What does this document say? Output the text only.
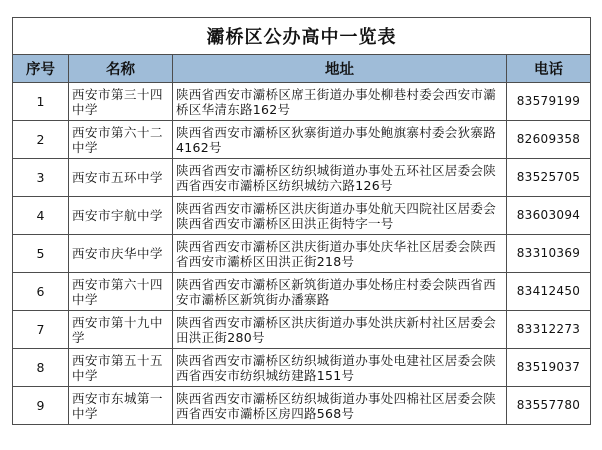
灞桥区公办高中一览表			
序号	名称	地址	电话
1	西安市第三十四中学	陕西省西安市灞桥区席王街道办事处柳巷村委会西安市灞桥区华清东路162号	83579199
2	西安市第六十二中学	陕西省西安市灞桥区狄寨街道办事处鲍旗寨村委会狄寨路4162号	82609358
3	西安市五环中学	陕西省西安市灞桥区纺织城街道办事处五环社区居委会陕西省西安市灞桥区纺织城纺六路126号	83525705
4	西安市宇航中学	陕西省西安市灞桥区洪庆街道办事处航天四院社区居委会陕西省西安市灞桥区田洪正街特字一号	83603094
5	西安市庆华中学	陕西省西安市灞桥区洪庆街道办事处庆华社区居委会陕西省西安市灞桥区田洪正街218号	83310369
6	西安市第六十四中学	陕西省西安市灞桥区新筑街道办事处杨庄村委会陕西省西安市灞桥区新筑街办潘寨路	83412450
7	西安市第十九中学	陕西省西安市灞桥区洪庆街道办事处洪庆新村社区居委会田洪正街280号	83312273
8	西安市第五十五中学	陕西省西安市灞桥区纺织城街道办事处电建社区居委会陕西省西安市纺织城纺建路151号	83519037
9	西安市东城第一中学	陕西省西安市灞桥区纺织城街道办事处四棉社区居委会陕西省西安市灞桥区房四路568号	83557780
